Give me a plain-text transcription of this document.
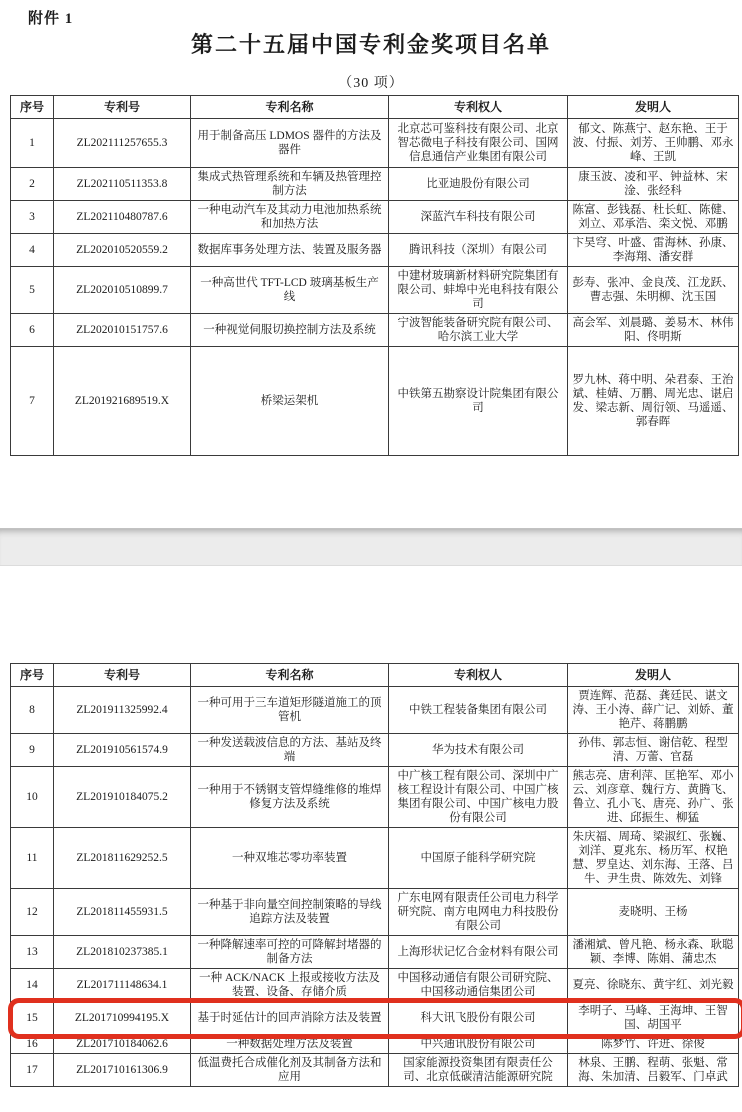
附件 1
第二十五届中国专利金奖项目名单
（30 项）
序号	专利号	专利名称	专利权人	发明人
1	ZL202111257655.3	用于制备高压 LDMOS 器件的方法及器件	北京芯可鉴科技有限公司、北京智芯微电子科技有限公司、国网信息通信产业集团有限公司	郁文、陈燕宁、赵东艳、王于波、付振、刘芳、王帅鹏、邓永峰、王凯
2	ZL202110511353.8	集成式热管理系统和车辆及热管理控制方法	比亚迪股份有限公司	康玉波、凌和平、钟益林、宋淦、张经科
3	ZL202110480787.6	一种电动汽车及其动力电池加热系统和加热方法	深蓝汽车科技有限公司	陈富、彭钱磊、杜长虹、陈健、刘立、邓承浩、栾文悦、邓鹏
4	ZL202010520559.2	数据库事务处理方法、装置及服务器	腾讯科技（深圳）有限公司	卞昊穹、叶盛、雷海林、孙康、李海翔、潘安群
5	ZL202010510899.7	一种高世代 TFT-LCD 玻璃基板生产线	中建材玻璃新材料研究院集团有限公司、蚌埠中光电科技有限公司	彭寿、张冲、金良茂、江龙跃、曹志强、朱明柳、沈玉国
6	ZL202010151757.6	一种视觉伺服切换控制方法及系统	宁波智能装备研究院有限公司、哈尔滨工业大学	高会军、刘晨璐、姜易木、林伟阳、佟明斯
7	ZL201921689519.X	桥梁运架机	中铁第五勘察设计院集团有限公司	罗九林、蒋中明、朵君泰、王治斌、桂婧、万鹏、周光忠、谌启发、梁志新、周衍领、马遥遥、郭春晖
序号	专利号	专利名称	专利权人	发明人
8	ZL201911325992.4	一种可用于三车道矩形隧道施工的顶管机	中铁工程装备集团有限公司	贾连辉、范磊、龚廷民、谌文涛、王小涛、薛广记、刘娇、董艳芹、蒋鹏鹏
9	ZL201910561574.9	一种发送载波信息的方法、基站及终端	华为技术有限公司	孙伟、郭志恒、谢信乾、程型清、万蕾、官磊
10	ZL201910184075.2	一种用于不锈钢支管焊缝维修的堆焊修复方法及系统	中广核工程有限公司、深圳中广核工程设计有限公司、中国广核集团有限公司、中国广核电力股份有限公司	熊志亮、唐利萍、匡艳军、邓小云、刘彦章、魏行方、黄腾飞、鲁立、孔小飞、唐亮、孙广、张进、邱振生、柳猛
11	ZL201811629252.5	一种双堆芯零功率装置	中国原子能科学研究院	朱庆福、周琦、梁淑红、张巍、刘洋、夏兆东、杨历军、权艳慧、罗皇达、刘东海、王落、吕牛、尹生贵、陈效先、刘锋
12	ZL201811455931.5	一种基于非向量空间控制策略的导线追踪方法及装置	广东电网有限责任公司电力科学研究院、南方电网电力科技股份有限公司	麦晓明、王杨
13	ZL201810237385.1	一种降解速率可控的可降解封堵器的制备方法	上海形状记忆合金材料有限公司	潘湘斌、曾凡艳、杨永森、耿聪颖、李博、陈娟、蒲忠杰
14	ZL201711148634.1	一种 ACK/NACK 上报或接收方法及装置、设备、存储介质	中国移动通信有限公司研究院、中国移动通信集团公司	夏亮、徐晓东、黄宇红、刘光毅
15	ZL201710994195.X	基于时延估计的回声消除方法及装置	科大讯飞股份有限公司	李明子、马峰、王海坤、王智国、胡国平
16	ZL201710184062.6	一种数据处理方法及装置	中兴通讯股份有限公司	陈梦竹、许进、徐俊
17	ZL201710161306.9	低温费托合成催化剂及其制备方法和应用	国家能源投资集团有限责任公司、北京低碳清洁能源研究院	林泉、王鹏、程萌、张魁、常海、朱加清、吕毅军、门卓武
